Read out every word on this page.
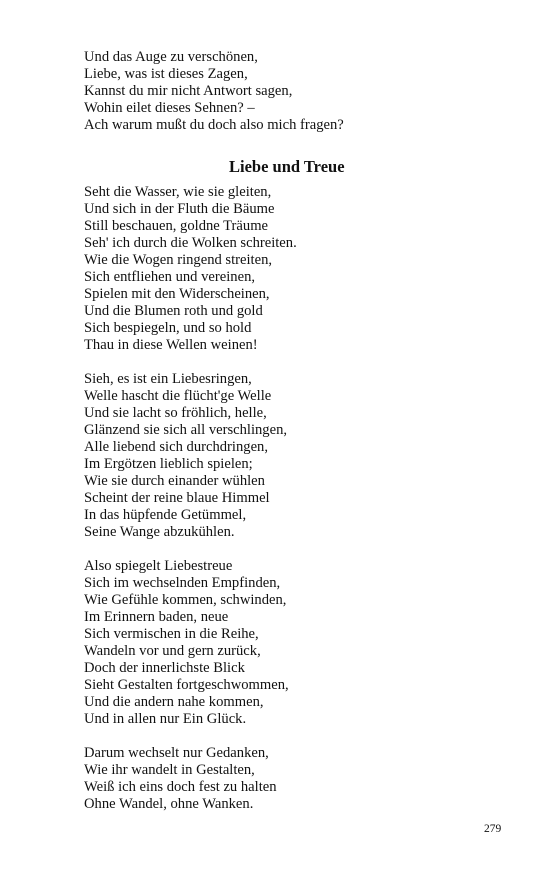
Und das Auge zu verschönen,
Liebe, was ist dieses Zagen,
Kannst du mir nicht Antwort sagen,
Wohin eilet dieses Sehnen? –
Ach warum mußt du doch also mich fragen?
Liebe und Treue
Seht die Wasser, wie sie gleiten,
Und sich in der Fluth die Bäume
Still beschauen, goldne Träume
Seh' ich durch die Wolken schreiten.
Wie die Wogen ringend streiten,
Sich entfliehen und vereinen,
Spielen mit den Widerscheinen,
Und die Blumen roth und gold
Sich bespiegeln, und so hold
Thau in diese Wellen weinen!
Sieh, es ist ein Liebesringen,
Welle hascht die flücht'ge Welle
Und sie lacht so fröhlich, helle,
Glänzend sie sich all verschlingen,
Alle liebend sich durchdringen,
Im Ergötzen lieblich spielen;
Wie sie durch einander wühlen
Scheint der reine blaue Himmel
In das hüpfende Getümmel,
Seine Wange abzukühlen.
Also spiegelt Liebestreue
Sich im wechselnden Empfinden,
Wie Gefühle kommen, schwinden,
Im Erinnern baden, neue
Sich vermischen in die Reihe,
Wandeln vor und gern zurück,
Doch der innerlichste Blick
Sieht Gestalten fortgeschwommen,
Und die andern nahe kommen,
Und in allen nur Ein Glück.
Darum wechselt nur Gedanken,
Wie ihr wandelt in Gestalten,
Weiß ich eins doch fest zu halten
Ohne Wandel, ohne Wanken.
279
